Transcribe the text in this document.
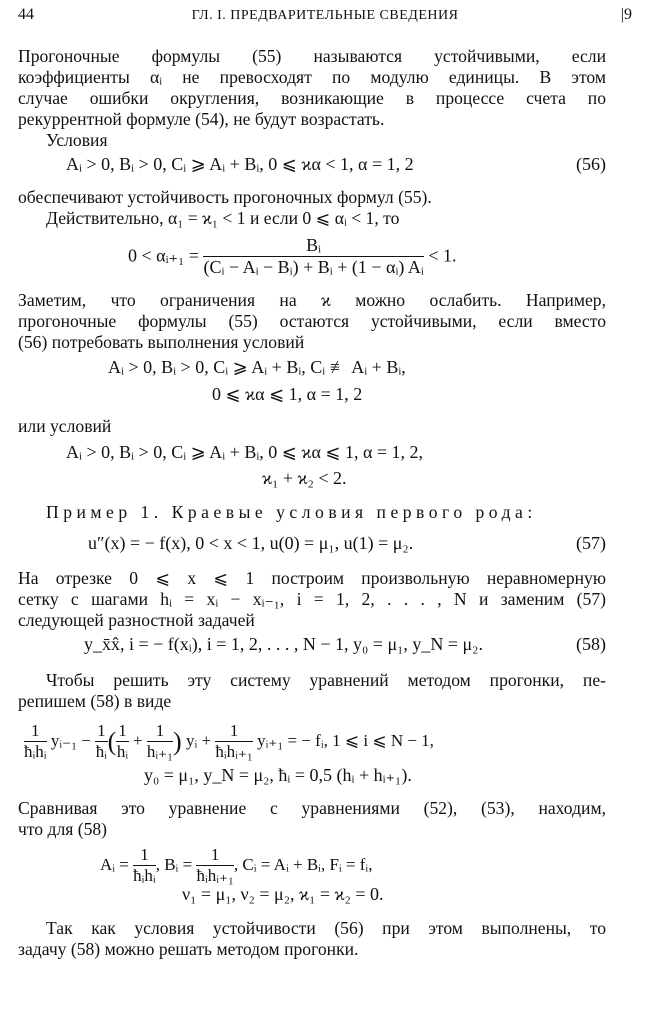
44	ГЛ. I. ПРЕДВАРИТЕЛЬНЫЕ СВЕДЕНИЯ	|9
Прогоночные формулы (55) называются устойчивыми, если
коэффициенты αᵢ не превосходят по модулю единицы. В этом
случае ошибки округления, возникающие в процессе счета по
рекуррентной формуле (54), не будут возрастать.
Условия
Aᵢ > 0, Bᵢ > 0, Cᵢ ⩾ Aᵢ + Bᵢ, 0 ⩽ ϰα < 1, α = 1, 2	(56)
обеспечивают устойчивость прогоночных формул (55).
Действительно, α₁ = ϰ₁ < 1 и если 0 ⩽ αᵢ < 1, то
0 < αᵢ₊₁ = $\frac{\text{Bᵢ}}{\text{(Cᵢ − Aᵢ − Bᵢ) + Bᵢ + (1 − αᵢ) Aᵢ}} < 1$.
Заметим, что ограничения на ϰ можно ослабить. Например,
прогоночные формулы (55) остаются устойчивыми, если вместо
(56) потребовать выполнения условий
Aᵢ > 0, Bᵢ > 0, Cᵢ ⩾ Aᵢ + Bᵢ, Cᵢ ≢ Aᵢ + Bᵢ,
0 ⩽ ϰα ⩽ 1, α = 1, 2
или условий
Aᵢ > 0, Bᵢ > 0, Cᵢ ⩾ Aᵢ + Bᵢ, 0 ⩽ ϰα ⩽ 1, α = 1, 2,
ϰ₁ + ϰ₂ < 2.
Пример 1. Краевые условия первого рода:
u″(x) = − f(x), 0 < x < 1, u(0) = μ₁, u(1) = μ₂.	(57)
На отрезке 0 ⩽ x ⩽ 1 построим произвольную неравномерную
сетку с шагами hᵢ = xᵢ − xᵢ₋₁, i = 1, 2, . . . , N и заменим (57)
следующей разностной задачей
y_x̄x̂, i = − f(xᵢ), i = 1, 2, . . . , N − 1, y₀ = μ₁, y_N = μ₂.	(58)
Чтобы решить эту систему уравнений методом прогонки, пе-
репишем (58) в виде
$\frac{1}{\text{ħᵢhᵢ}}$ yᵢ₋₁ − $\frac{1}{\text{ħᵢ}}$ ( $\frac{1}{\text{hᵢ}} + \frac{1}{\text{hᵢ₊₁}}$ ) yᵢ + $\frac{1}{\text{ħᵢhᵢ₊₁}}$ yᵢ₊₁ = − fᵢ, 1 ⩽ i ⩽ N − 1,
y₀ = μ₁, y_N = μ₂, ħᵢ = 0,5 (hᵢ + hᵢ₊₁).
Сравнивая это уравнение с уравнениями (52), (53), находим,
что для (58)
Aᵢ = $\frac{1}{\text{ħᵢhᵢ}}$ , Bᵢ = $\frac{1}{\text{ħᵢhᵢ₊₁}}$ , Cᵢ = Aᵢ + Bᵢ, Fᵢ = fᵢ,
ν₁ = μ₁, ν₂ = μ₂, ϰ₁ = ϰ₂ = 0.
Так как условия устойчивости (56) при этом выполнены, то
задачу (58) можно решать методом прогонки.
